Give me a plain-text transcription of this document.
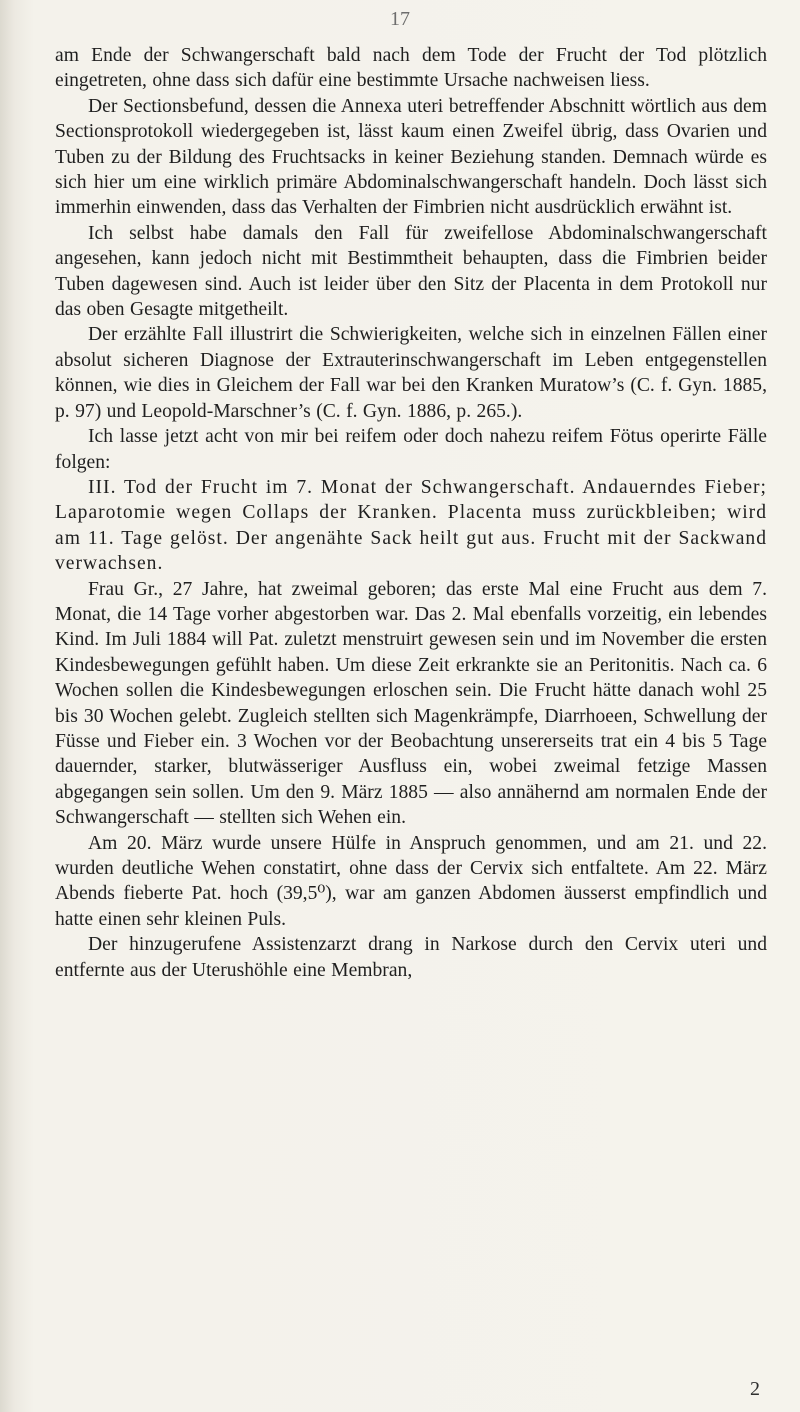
17

am Ende der Schwangerschaft bald nach dem Tode der Frucht der Tod plötzlich eingetreten, ohne dass sich dafür eine bestimmte Ursache nachweisen liess.

Der Sectionsbefund, dessen die Annexa uteri betreffender Abschnitt wörtlich aus dem Sectionsprotokoll wiedergegeben ist, lässt kaum einen Zweifel übrig, dass Ovarien und Tuben zu der Bildung des Fruchtsacks in keiner Beziehung standen. Demnach würde es sich hier um eine wirklich primäre Abdominalschwangerschaft handeln. Doch lässt sich immerhin einwenden, dass das Verhalten der Fimbrien nicht ausdrücklich erwähnt ist.

Ich selbst habe damals den Fall für zweifellose Abdominalschwangerschaft angesehen, kann jedoch nicht mit Bestimmtheit behaupten, dass die Fimbrien beider Tuben dagewesen sind. Auch ist leider über den Sitz der Placenta in dem Protokoll nur das oben Gesagte mitgetheilt.

Der erzählte Fall illustrirt die Schwierigkeiten, welche sich in einzelnen Fällen einer absolut sicheren Diagnose der Extrauterinschwangerschaft im Leben entgegenstellen können, wie dies in Gleichem der Fall war bei den Kranken Muratow’s (C. f. Gyn. 1885, p. 97) und Leopold-Marschner’s (C. f. Gyn. 1886, p. 265.).

Ich lasse jetzt acht von mir bei reifem oder doch nahezu reifem Fötus operirte Fälle folgen:

III. Tod der Frucht im 7. Monat der Schwangerschaft. Andauerndes Fieber; Laparotomie wegen Collaps der Kranken. Placenta muss zurückbleiben; wird am 11. Tage gelöst. Der angenähte Sack heilt gut aus. Frucht mit der Sackwand verwachsen.

Frau Gr., 27 Jahre, hat zweimal geboren; das erste Mal eine Frucht aus dem 7. Monat, die 14 Tage vorher abgestorben war. Das 2. Mal ebenfalls vorzeitig, ein lebendes Kind. Im Juli 1884 will Pat. zuletzt menstruirt gewesen sein und im November die ersten Kindesbewegungen gefühlt haben. Um diese Zeit erkrankte sie an Peritonitis. Nach ca. 6 Wochen sollen die Kindesbewegungen erloschen sein. Die Frucht hätte danach wohl 25 bis 30 Wochen gelebt. Zugleich stellten sich Magenkrämpfe, Diarrhoeen, Schwellung der Füsse und Fieber ein. 3 Wochen vor der Beobachtung unsererseits trat ein 4 bis 5 Tage dauernder, starker, blutwässeriger Ausfluss ein, wobei zweimal fetzige Massen abgegangen sein sollen. Um den 9. März 1885 — also annähernd am normalen Ende der Schwangerschaft — stellten sich Wehen ein.

Am 20. März wurde unsere Hülfe in Anspruch genommen, und am 21. und 22. wurden deutliche Wehen constatirt, ohne dass der Cervix sich entfaltete. Am 22. März Abends fieberte Pat. hoch (39,5⁰), war am ganzen Abdomen äusserst empfindlich und hatte einen sehr kleinen Puls.

Der hinzugerufene Assistenzarzt drang in Narkose durch den Cervix uteri und entfernte aus der Uterushöhle eine Membran,

2
